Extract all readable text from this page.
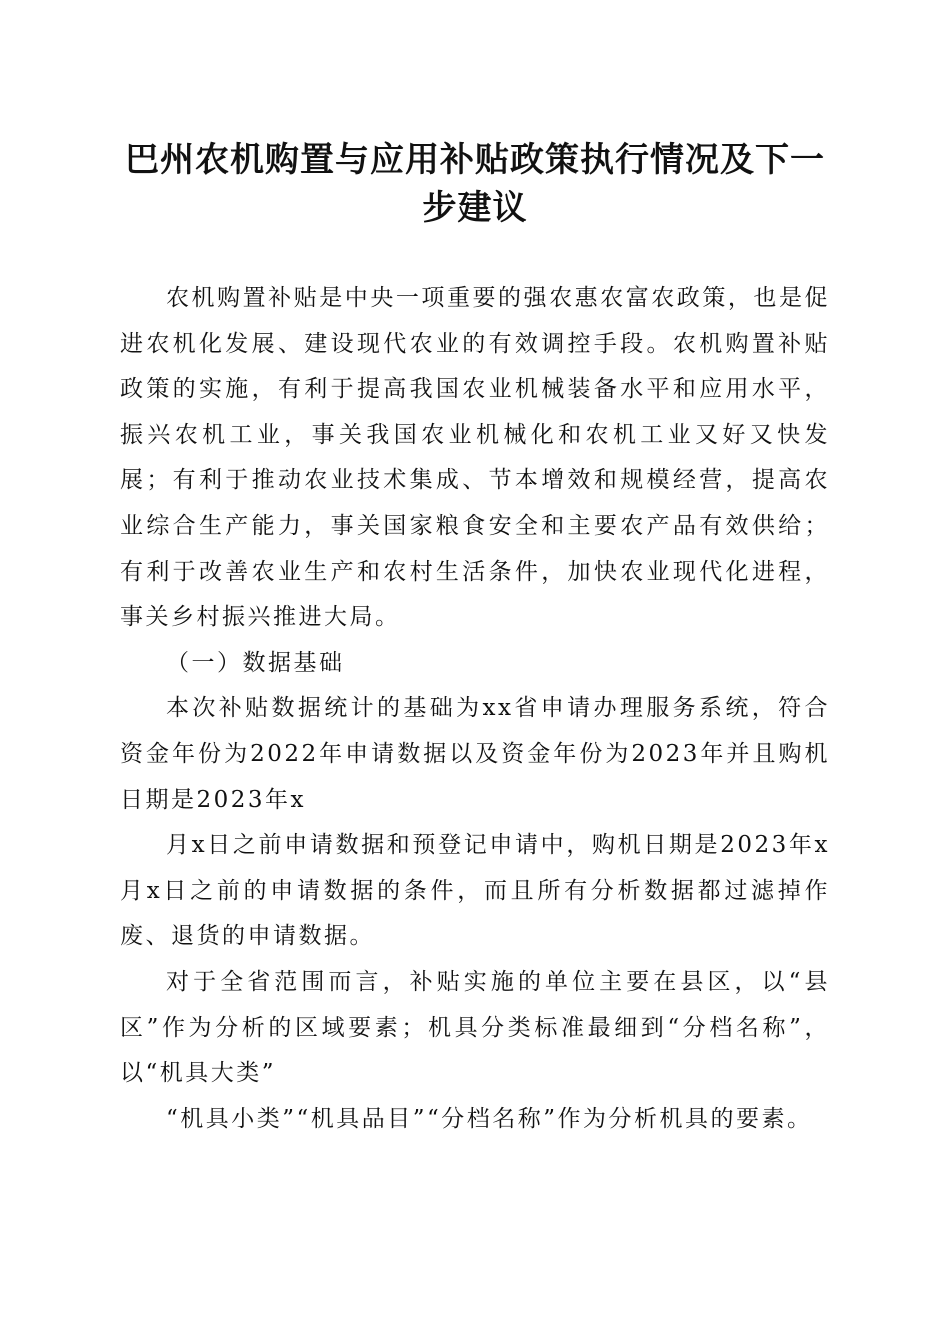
巴州农机购置与应用补贴政策执行情况及下一步建议

农机购置补贴是中央一项重要的强农惠农富农政策，也是促进农机化发展、建设现代农业的有效调控手段。农机购置补贴政策的实施，有利于提高我国农业机械装备水平和应用水平，振兴农机工业，事关我国农业机械化和农机工业又好又快发展；有利于推动农业技术集成、节本增效和规模经营，提高农业综合生产能力，事关国家粮食安全和主要农产品有效供给；有利于改善农业生产和农村生活条件，加快农业现代化进程，事关乡村振兴推进大局。

（一）数据基础

本次补贴数据统计的基础为xx省申请办理服务系统，符合资金年份为2022年申请数据以及资金年份为2023年并且购机日期是2023年x

月x日之前申请数据和预登记申请中，购机日期是2023年x月x日之前的申请数据的条件，而且所有分析数据都过滤掉作废、退货的申请数据。

对于全省范围而言，补贴实施的单位主要在县区，以“县区”作为分析的区域要素；机具分类标准最细到“分档名称”，以“机具大类”

“机具小类”“机具品目”“分档名称”作为分析机具的要素。
